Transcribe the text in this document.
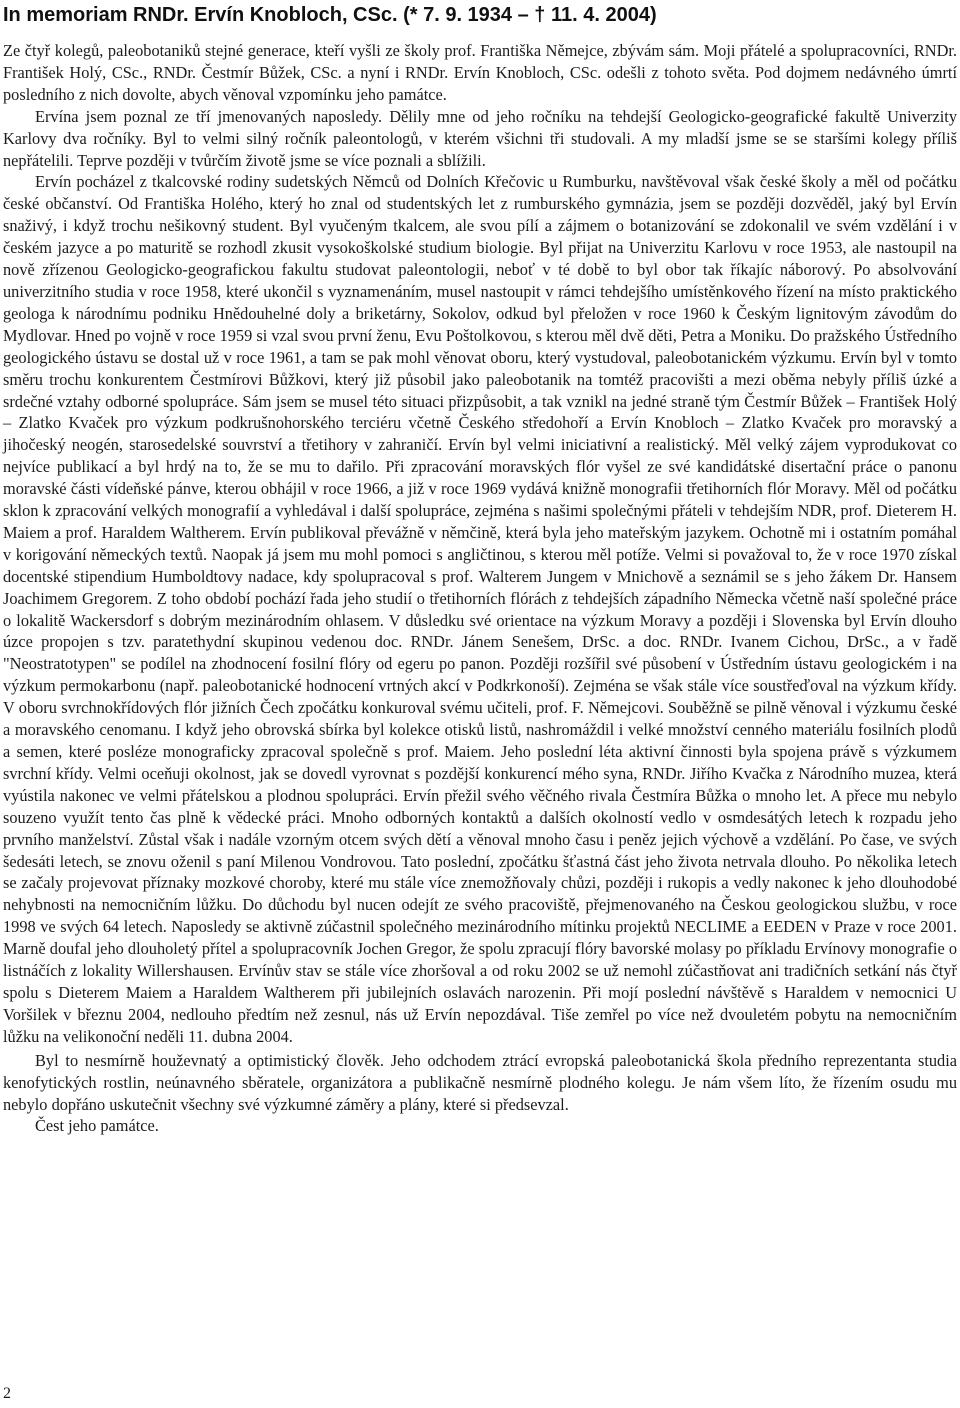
In memoriam RNDr. Ervín Knobloch, CSc. (* 7. 9. 1934 – † 11. 4. 2004)

Ze čtyř kolegů, paleobotaniků stejné generace, kteří vyšli ze školy prof. Františka Němejce, zbývám sám. Moji přátelé a spolupracovníci, RNDr. František Holý, CSc., RNDr. Čestmír Bůžek, CSc. a nyní i RNDr. Ervín Knobloch, CSc. odešli z tohoto světa. Pod dojmem nedávného úmrtí posledního z nich dovolte, abych věnoval vzpomínku jeho památce.

Ervína jsem poznal ze tří jmenovaných naposledy. Dělily mne od jeho ročníku na tehdejší Geologicko-geografické fakultě Univerzity Karlovy dva ročníky. Byl to velmi silný ročník paleontologů, v kterém všichni tři studovali. A my mladší jsme se se staršími kolegy příliš nepřátelili. Teprve později v tvůrčím životě jsme se více poznali a sblížili.

Ervín pocházel z tkalcovské rodiny sudetských Němců od Dolních Křečovic u Rumburku, navštěvoval však české školy a měl od počátku české občanství. Od Františka Holého, který ho znal od studentských let z rumburského gymnázia, jsem se později dozvěděl, jaký byl Ervín snaživý, i když trochu nešikovný student. Byl vyučeným tkalcem, ale svou pílí a zájmem o botanizování se zdokonalil ve svém vzdělání i v českém jazyce a po maturitě se rozhodl zkusit vysokoškolské studium biologie. Byl přijat na Univerzitu Karlovu v roce 1953, ale nastoupil na nově zřízenou Geologicko-geografickou fakultu studovat paleontologii, neboť v té době to byl obor tak říkajíc náborový. Po absolvování univerzitního studia v roce 1958, které ukončil s vyznamenáním, musel nastoupit v rámci tehdejšího umístěnkového řízení na místo praktického geologa k národnímu podniku Hnědouhelné doly a briketárny, Sokolov, odkud byl přeložen v roce 1960 k Českým lignitovým závodům do Mydlovar. Hned po vojně v roce 1959 si vzal svou první ženu, Evu Poštolkovou, s kterou měl dvě děti, Petra a Moniku. Do pražského Ústředního geologického ústavu se dostal už v roce 1961, a tam se pak mohl věnovat oboru, který vystudoval, paleobotanickém výzkumu. Ervín byl v tomto směru trochu konkurentem Čestmírovi Bůžkovi, který již působil jako paleobotanik na tomtéž pracovišti a mezi oběma nebyly příliš úzké a srdečné vztahy odborné spolupráce. Sám jsem se musel této situaci přizpůsobit, a tak vznikl na jedné straně tým Čestmír Bůžek – František Holý – Zlatko Kvaček pro výzkum podkrušnohorského terciéru včetně Českého středohoří a Ervín Knobloch – Zlatko Kvaček pro moravský a jihočeský neogén, starosedelské souvrství a třetihory v zahraničí. Ervín byl velmi iniciativní a realistický. Měl velký zájem vyprodukovat co nejvíce publikací a byl hrdý na to, že se mu to dařilo. Při zpracování moravských flór vyšel ze své kandidátské disertační práce o panonu moravské části vídeňské pánve, kterou obhájil v roce 1966, a již v roce 1969 vydává knižně monografii třetihorních flór Moravy. Měl od počátku sklon k zpracování velkých monografií a vyhledával i další spolupráce, zejména s našimi společnými přáteli v tehdejším NDR, prof. Dieterem H. Maiem a prof. Haraldem Waltherem. Ervín publikoval převážně v němčině, která byla jeho mateřským jazykem. Ochotně mi i ostatním pomáhal v korigování německých textů. Naopak já jsem mu mohl pomoci s angličtinou, s kterou měl potíže. Velmi si považoval to, že v roce 1970 získal docentské stipendium Humboldtovy nadace, kdy spolupracoval s prof. Walterem Jungem v Mnichově a seznámil se s jeho žákem Dr. Hansem Joachimem Gregorem. Z toho období pochází řada jeho studií o třetihorních flórách z tehdejších západního Německa včetně naší společné práce o lokalitě Wackersdorf s dobrým mezinárodním ohlasem. V důsledku své orientace na výzkum Moravy a později i Slovenska byl Ervín dlouho úzce propojen s tzv. paratethydní skupinou vedenou doc. RNDr. Jánem Senešem, DrSc. a doc. RNDr. Ivanem Cichou, DrSc., a v řadě "Neostratotypen" se podílel na zhodnocení fosilní flóry od egeru po panon. Později rozšířil své působení v Ústředním ústavu geologickém i na výzkum permokarbonu (např. paleobotanické hodnocení vrtných akcí v Podkrkonoší). Zejména se však stále více soustřeďoval na výzkum křídy. V oboru svrchnokřídových flór jižních Čech zpočátku konkuroval svému učiteli, prof. F. Němejcovi. Souběžně se pilně věnoval i výzkumu české a moravského cenomanu. I když jeho obrovská sbírka byl kolekce otisků listů, nashromáždil i velké množství cenného materiálu fosilních plodů a semen, které posléze monograficky zpracoval společně s prof. Maiem. Jeho poslední léta aktivní činnosti byla spojena právě s výzkumem svrchní křídy. Velmi oceňuji okolnost, jak se dovedl vyrovnat s pozdější konkurencí mého syna, RNDr. Jiřího Kvačka z Národního muzea, která vyústila nakonec ve velmi přátelskou a plodnou spolupráci. Ervín přežil svého věčného rivala Čestmíra Bůžka o mnoho let. A přece mu nebylo souzeno využít tento čas plně k vědecké práci. Mnoho odborných kontaktů a dalších okolností vedlo v osmdesátých letech k rozpadu jeho prvního manželství. Zůstal však i nadále vzorným otcem svých dětí a věnoval mnoho času i peněz jejich výchově a vzdělání. Po čase, ve svých šedesáti letech, se znovu oženil s paní Milenou Vondrovou. Tato poslední, zpočátku šťastná část jeho života netrvala dlouho. Po několika letech se začaly projevovat příznaky mozkové choroby, které mu stále více znemožňovaly chůzi, později i rukopis a vedly nakonec k jeho dlouhodobé nehybnosti na nemocničním lůžku. Do důchodu byl nucen odejít ze svého pracoviště, přejmenovaného na Českou geologickou službu, v roce 1998 ve svých 64 letech. Naposledy se aktivně zúčastnil společného mezinárodního mítinku projektů NECLIME a EEDEN v Praze v roce 2001. Marně doufal jeho dlouholetý přítel a spolupracovník Jochen Gregor, že spolu zpracují flóry bavorské molasy po příkladu Ervínovy monografie o listnáčích z lokality Willershausen. Ervínův stav se stále více zhoršoval a od roku 2002 se už nemohl zúčastňovat ani tradičních setkání nás čtyř spolu s Dieterem Maiem a Haraldem Waltherem při jubilejních oslavách narozenin. Při mojí poslední návštěvě s Haraldem v nemocnici U Voršilek v březnu 2004, nedlouho předtím než zesnul, nás už Ervín nepozdával. Tiše zemřel po více než dvouletém pobytu na nemocničním lůžku na velikonoční neděli 11. dubna 2004.

Byl to nesmírně houževnatý a optimistický člověk. Jeho odchodem ztrácí evropská paleobotanická škola předního reprezentanta studia kenofytických rostlin, neúnavného sběratele, organizátora a publikačně nesmírně plodného kolegu. Je nám všem líto, že řízením osudu mu nebylo dopřáno uskutečnit všechny své výzkumné záměry a plány, které si předsevzal.

Čest jeho památce.

2
